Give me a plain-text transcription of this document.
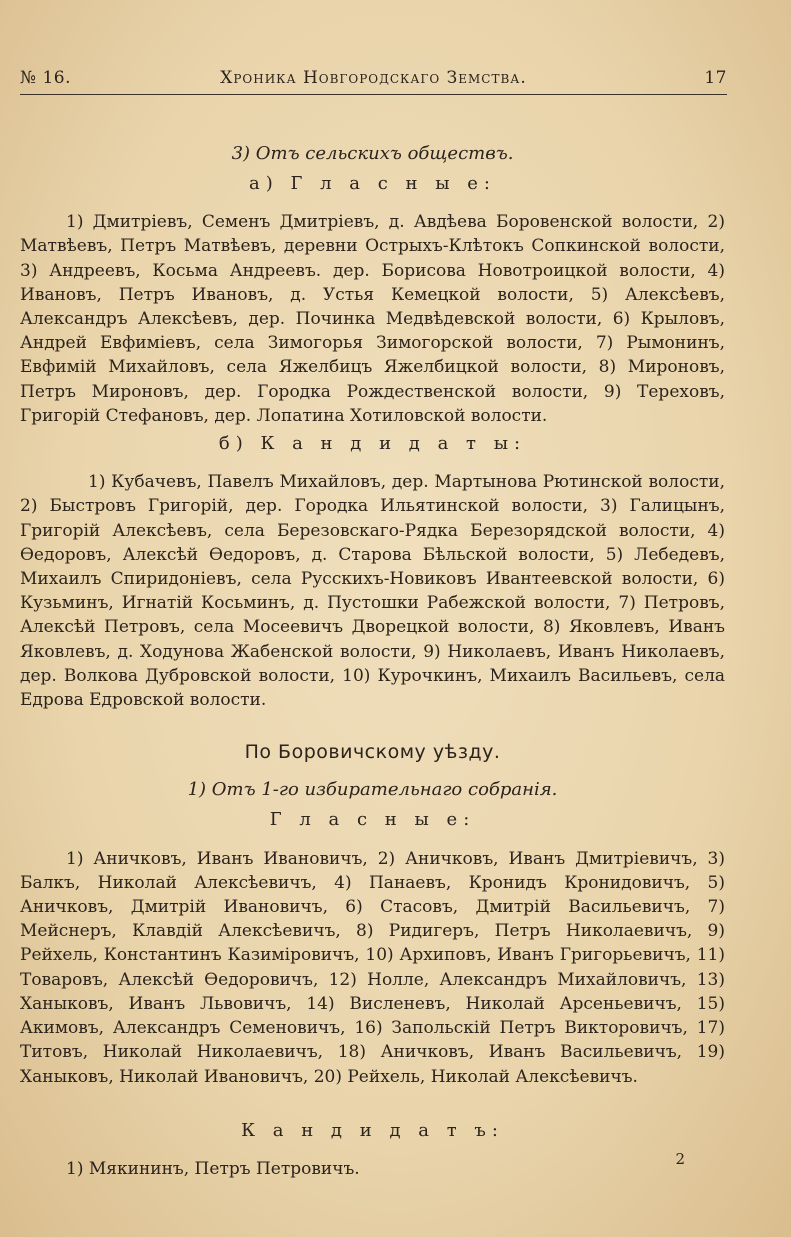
№ 16.	Хроника Новгородскаго Земства.	17
3) Отъ сельскихъ обществъ.
а) Г л а с н ы е:

1) Дмитріевъ, Семенъ Дмитріевъ, д. Авдѣева Боровенской волости, 2) Матвѣевъ, Петръ Матвѣевъ, деревни Острыхъ-Клѣтокъ Сопкинской волости, 3) Андреевъ, Косьма Андреевъ. дер. Борисова Новотроицкой волости, 4) Ивановъ, Петръ Ивановъ, д. Устья Кемецкой волости, 5) Алексѣевъ, Александръ Алексѣевъ, дер. Починка Медвѣдевской волости, 6) Крыловъ, Андрей Евфиміевъ, села Зимогорья Зимогорской волости, 7) Рымонинъ, Евфимій Михайловъ, села Яжелбицъ Яжелбицкой волости, 8) Мироновъ, Петръ Мироновъ, дер. Городка Рождественской волости, 9) Тереховъ, Григорій Стефановъ, дер. Лопатина Хотиловской волости.

б) К а н д и д а т ы:

1) Кубачевъ, Павелъ Михайловъ, дер. Мартынова Рютинской волости, 2) Быстровъ Григорій, дер. Городка Ильятинской волости, 3) Галицынъ, Григорій Алексѣевъ, села Березовскаго-Рядка Березорядской волости, 4) Ѳедоровъ, Алексѣй Ѳедоровъ, д. Старова Бѣльской волости, 5) Лебедевъ, Михаилъ Спиридоніевъ, села Русскихъ-Новиковъ Ивантеевской волости, 6) Кузьминъ, Игнатій Косьминъ, д. Пустошки Рабежской волости, 7) Петровъ, Алексѣй Петровъ, села Мосеевичъ Дворецкой волости, 8) Яковлевъ, Иванъ Яковлевъ, д. Ходунова Жабенской волости, 9) Николаевъ, Иванъ Николаевъ, дер. Волкова Дубровской волости, 10) Курочкинъ, Михаилъ Васильевъ, села Едрова Едровской волости.

По Боровичскому уѣзду.
1) Отъ 1-го избирательнаго собранія.
Г л а с н ы е:

1) Аничковъ, Иванъ Ивановичъ, 2) Аничковъ, Иванъ Дмитріевичъ, 3) Балкъ, Николай Алексѣевичъ, 4) Панаевъ, Кронидъ Кронидовичъ, 5) Аничковъ, Дмитрій Ивановичъ, 6) Стасовъ, Дмитрій Васильевичъ, 7) Мейснеръ, Клавдій Алексѣевичъ, 8) Ридигеръ, Петръ Николаевичъ, 9) Рейхель, Константинъ Казиміровичъ, 10) Архиповъ, Иванъ Григорьевичъ, 11) Товаровъ, Алексѣй Ѳедоровичъ, 12) Нолле, Александръ Михайловичъ, 13) Ханыковъ, Иванъ Львовичъ, 14) Висленевъ, Николай Арсеньевичъ, 15) Акимовъ, Александръ Семеновичъ, 16) Запольскій Петръ Викторовичъ, 17) Титовъ, Николай Николаевичъ, 18) Аничковъ, Иванъ Васильевичъ, 19) Ханыковъ, Николай Ивановичъ, 20) Рейхель, Николай Алексѣевичъ.

К а н д и д а т ъ:

1) Мякининъ, Петръ Петровичъ.	2
